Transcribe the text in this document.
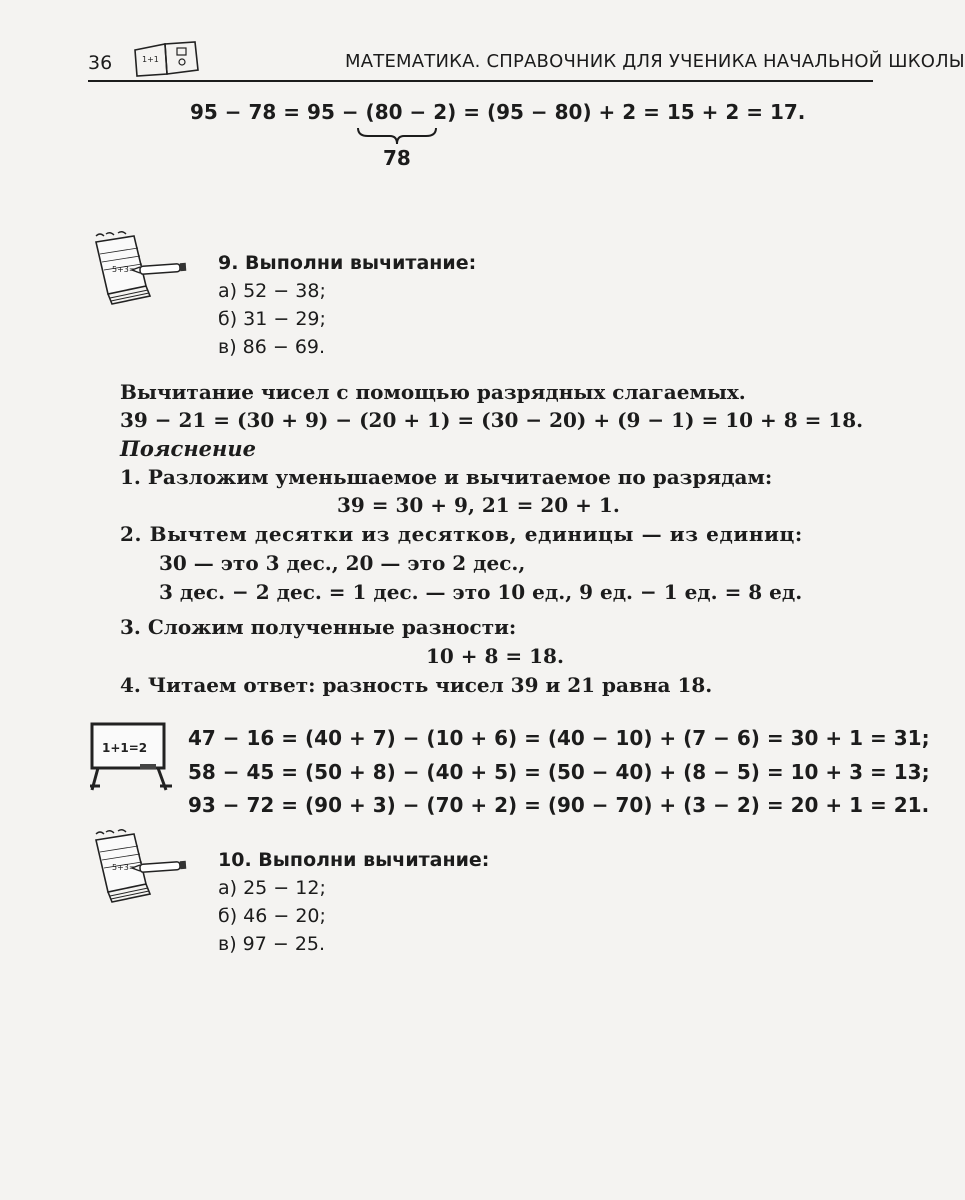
36	1+1	МАТЕМАТИКА. СПРАВОЧНИК ДЛЯ УЧЕНИКА НАЧАЛЬНОЙ ШКОЛЫ
95 − 78 = 95 − (80 − 2) = (95 − 80) + 2 = 15 + 2 = 17.
78
5+3=	9. Выполни вычитание:
а) 52 − 38;
б) 31 − 29;
в) 86 − 69.
Вычитание чисел с помощью разрядных слагаемых.
39 − 21 = (30 + 9) − (20 + 1) = (30 − 20) + (9 − 1) = 10 + 8 = 18.
Пояснение
1. Разложим уменьшаемое и вычитаемое по разрядам:
39 = 30 + 9, 21 = 20 + 1.
2. Вычтем десятки из десятков, единицы — из единиц:
30 — это 3 дес., 20 — это 2 дес.,
3 дес. − 2 дес. = 1 дес. — это 10 ед., 9 ед. − 1 ед. = 8 ед.
3. Сложим полученные разности:
10 + 8 = 18.
4. Читаем ответ: разность чисел 39 и 21 равна 18.
1+1=2 47 − 16 = (40 + 7) − (10 + 6) = (40 − 10) + (7 − 6) = 30 + 1 = 31;
58 − 45 = (50 + 8) − (40 + 5) = (50 − 40) + (8 − 5) = 10 + 3 = 13;
93 − 72 = (90 + 3) − (70 + 2) = (90 − 70) + (3 − 2) = 20 + 1 = 21.
5+3=	10. Выполни вычитание:
а) 25 − 12;
б) 46 − 20;
в) 97 − 25.
